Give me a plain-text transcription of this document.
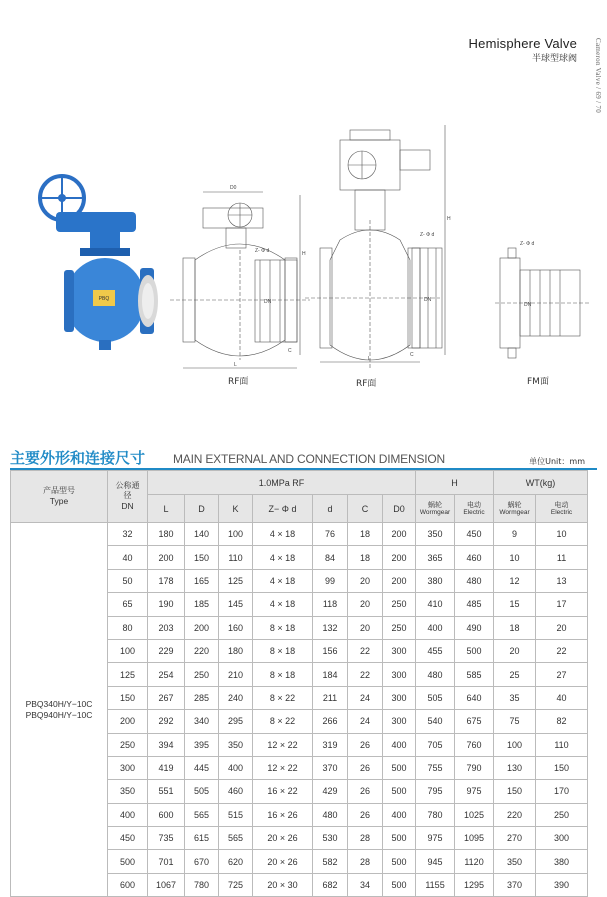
Hemisphere Valve
半球型球阀 Cameron Valve / 69 / 70
PBQ
D0
H
L
C
Z- Φ d
DN
RF面
H
L
C
Z- Φ d
DN
RF面
Z- Φ d
DN
FM面
主要外形和连接尺寸 MAIN EXTERNAL AND CONNECTION DIMENSION	单位Unit：mm
产品型号
Type	公称通径
DN	1.0MPa RF							H		WT(kg)	
		L	D	K	Z− Φ d	d	C	D0	蜗轮
Wormgear	电动
Electric	蜗轮
Wormgear	电动
Electric

PBQ340H/Y−10C
PBQ940H/Y−10C	32	180	140	100	4 × 18	76	18	200	350	450	9	10
	40	200	150	110	4 × 18	84	18	200	365	460	10	11
	50	178	165	125	4 × 18	99	20	200	380	480	12	13
	65	190	185	145	4 × 18	118	20	250	410	485	15	17
	80	203	200	160	8 × 18	132	20	250	400	490	18	20
	100	229	220	180	8 × 18	156	22	300	455	500	20	22
	125	254	250	210	8 × 18	184	22	300	480	585	25	27
	150	267	285	240	8 × 22	211	24	300	505	640	35	40
	200	292	340	295	8 × 22	266	24	300	540	675	75	82
	250	394	395	350	12 × 22	319	26	400	705	760	100	110
	300	419	445	400	12 × 22	370	26	500	755	790	130	150
	350	551	505	460	16 × 22	429	26	500	795	975	150	170
	400	600	565	515	16 × 26	480	26	400	780	1025	220	250
	450	735	615	565	20 × 26	530	28	500	975	1095	270	300
	500	701	670	620	20 × 26	582	28	500	945	1120	350	380
	600	1067	780	725	20 × 30	682	34	500	1155	1295	370	390
